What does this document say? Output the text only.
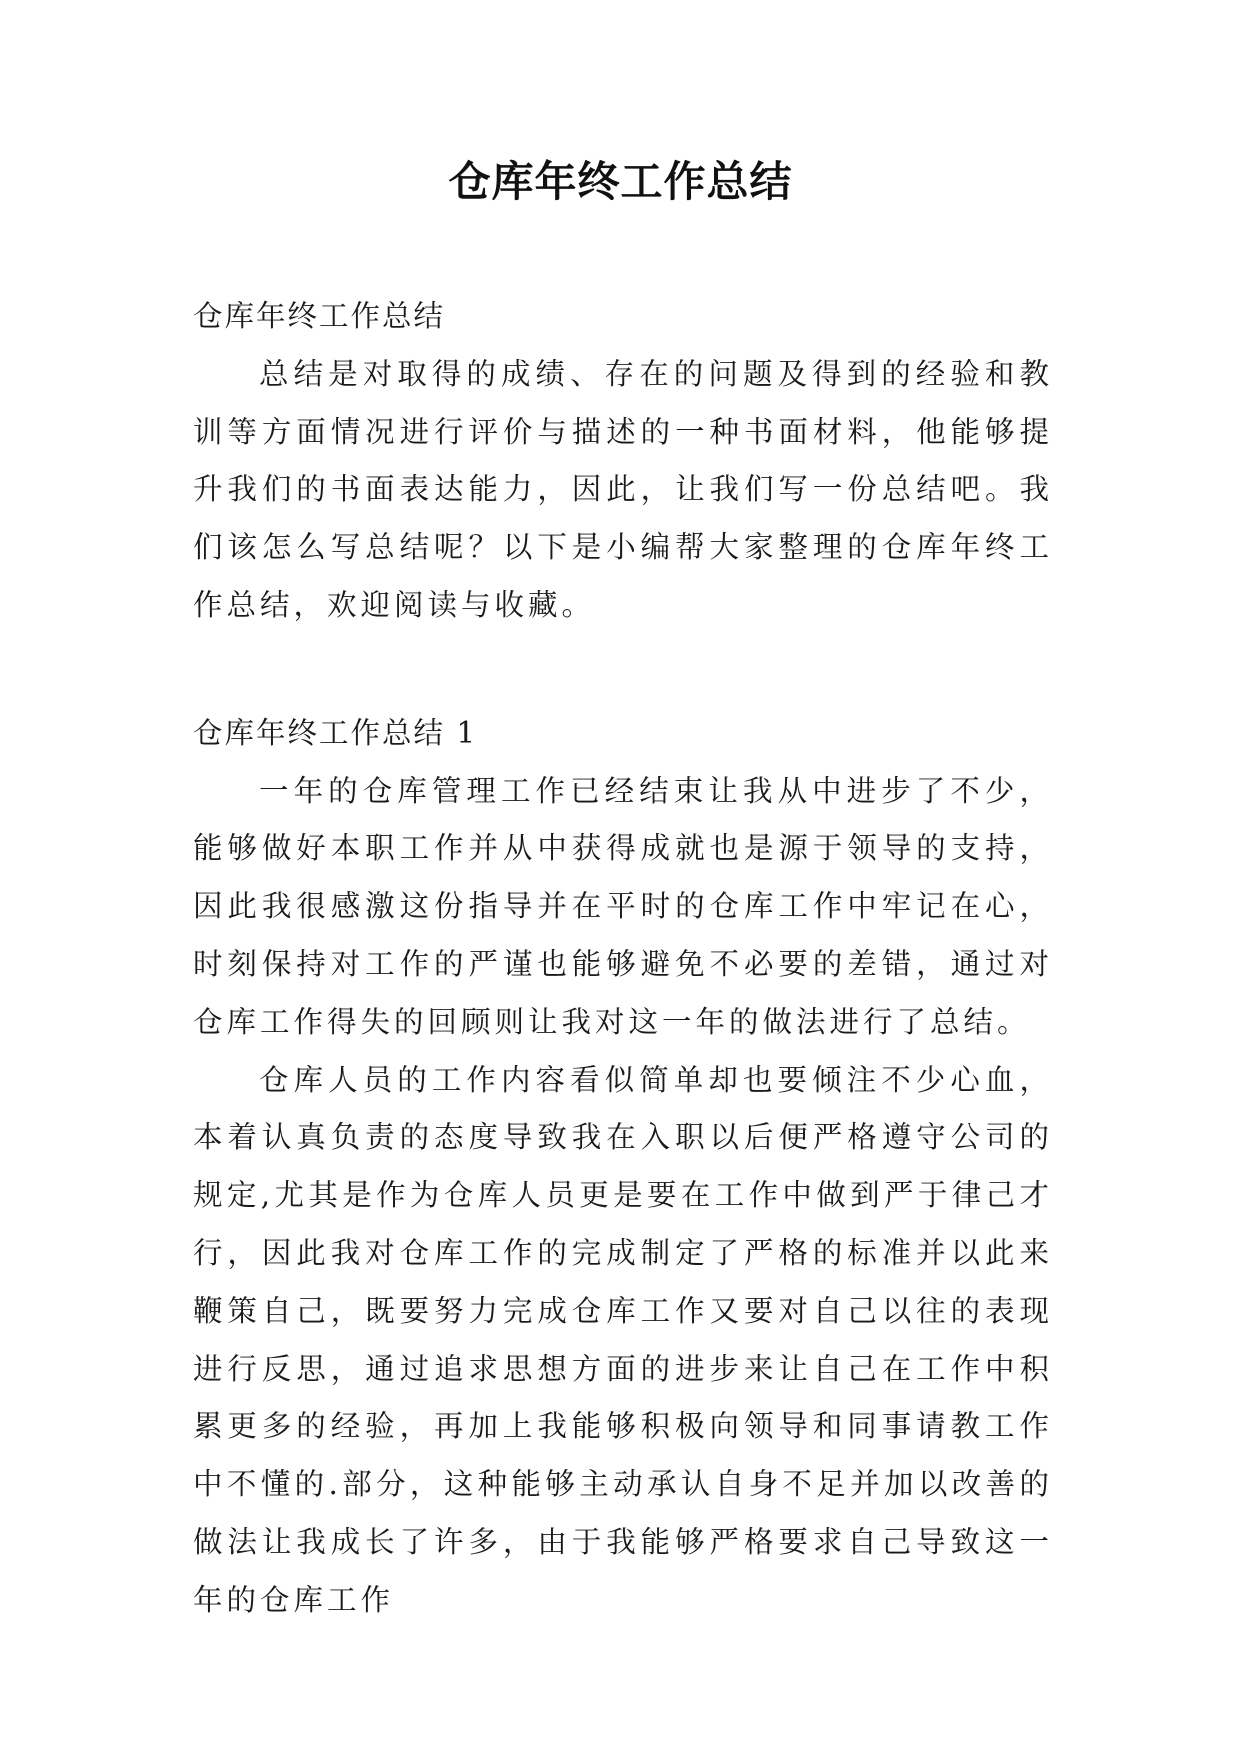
仓库年终工作总结

仓库年终工作总结

总结是对取得的成绩、存在的问题及得到的经验和教训等方面情况进行评价与描述的一种书面材料，他能够提升我们的书面表达能力，因此，让我们写一份总结吧。我们该怎么写总结呢？以下是小编帮大家整理的仓库年终工作总结，欢迎阅读与收藏。

仓库年终工作总结 1

一年的仓库管理工作已经结束让我从中进步了不少，能够做好本职工作并从中获得成就也是源于领导的支持，因此我很感激这份指导并在平时的仓库工作中牢记在心，时刻保持对工作的严谨也能够避免不必要的差错，通过对仓库工作得失的回顾则让我对这一年的做法进行了总结。

仓库人员的工作内容看似简单却也要倾注不少心血，本着认真负责的态度导致我在入职以后便严格遵守公司的规定,尤其是作为仓库人员更是要在工作中做到严于律己才行，因此我对仓库工作的完成制定了严格的标准并以此来鞭策自己，既要努力完成仓库工作又要对自己以往的表现进行反思，通过追求思想方面的进步来让自己在工作中积累更多的经验，再加上我能够积极向领导和同事请教工作中不懂的.部分，这种能够主动承认自身不足并加以改善的做法让我成长了许多，由于我能够严格要求自己导致这一年的仓库工作
